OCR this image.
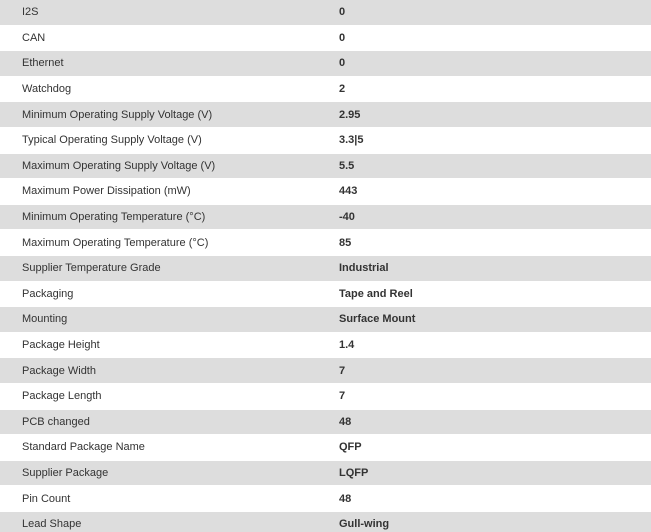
I2S	0
CAN	0
Ethernet	0
Watchdog	2
Minimum Operating Supply Voltage (V)	2.95
Typical Operating Supply Voltage (V)	3.3|5
Maximum Operating Supply Voltage (V)	5.5
Maximum Power Dissipation (mW)	443
Minimum Operating Temperature (°C)	-40
Maximum Operating Temperature (°C)	85
Supplier Temperature Grade	Industrial
Packaging	Tape and Reel
Mounting	Surface Mount
Package Height	1.4
Package Width	7
Package Length	7
PCB changed	48
Standard Package Name	QFP
Supplier Package	LQFP
Pin Count	48
Lead Shape	Gull-wing
